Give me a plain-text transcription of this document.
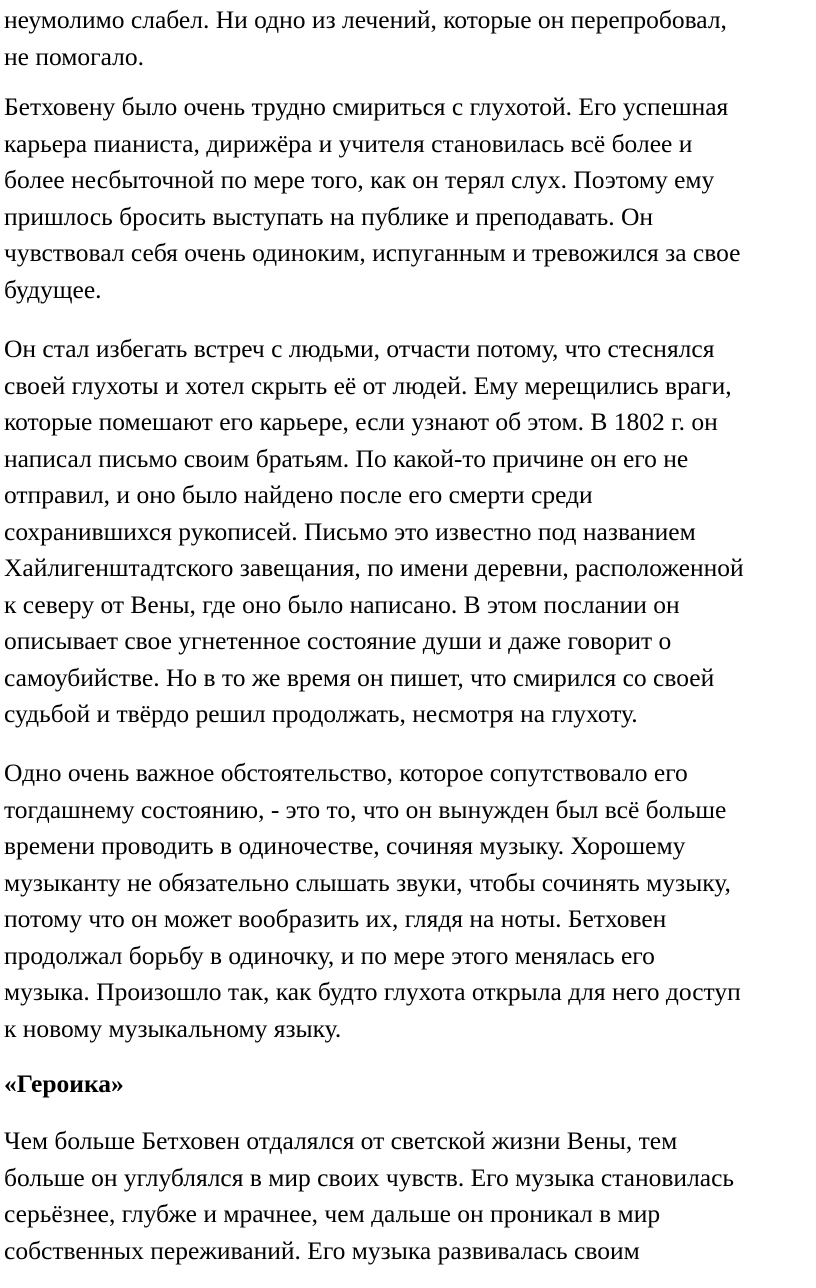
неумолимо слабел. Ни одно из лечений, которые он перепробовал,
не помогало.

Бетховену было очень трудно смириться с глухотой. Его успешная
карьера пианиста, дирижёра и учителя становилась всё более и
более несбыточной по мере того, как он терял слух. Поэтому ему
пришлось бросить выступать на публике и преподавать. Он
чувствовал себя очень одиноким, испуганным и тревожился за свое
будущее.

Он стал избегать встреч с людьми, отчасти потому, что стеснялся
своей глухоты и хотел скрыть её от людей. Ему мерещились враги,
которые помешают его карьере, если узнают об этом. В 1802 г. он
написал письмо своим братьям. По какой-то причине он его не
отправил, и оно было найдено после его смерти среди
сохранившихся рукописей. Письмо это известно под названием
Хайлигенштадтского завещания, по имени деревни, расположенной
к северу от Вены, где оно было написано. В этом послании он
описывает свое угнетенное состояние души и даже говорит о
самоубийстве. Но в то же время он пишет, что смирился со своей
судьбой и твёрдо решил продолжать, несмотря на глухоту.

Одно очень важное обстоятельство, которое сопутствовало его
тогдашнему состоянию, - это то, что он вынужден был всё больше
времени проводить в одиночестве, сочиняя музыку. Хорошему
музыканту не обязательно слышать звуки, чтобы сочинять музыку,
потому что он может вообразить их, глядя на ноты. Бетховен
продолжал борьбу в одиночку, и по мере этого менялась его
музыка. Произошло так, как будто глухота открыла для него доступ
к новому музыкальному языку.

«Героика»

Чем больше Бетховен отдалялся от светской жизни Вены, тем
больше он углублялся в мир своих чувств. Его музыка становилась
серьёзнее, глубже и мрачнее, чем дальше он проникал в мир
собственных переживаний. Его музыка развивалась своим
